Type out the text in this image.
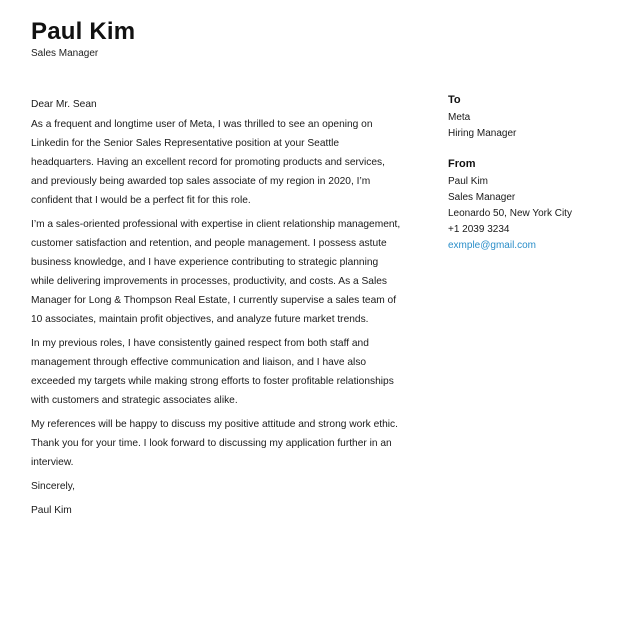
Paul Kim
Sales Manager
Dear Mr. Sean

As a frequent and longtime user of Meta, I was thrilled to see an opening on Linkedin for the Senior Sales Representative position at your Seattle headquarters. Having an excellent record for promoting products and services, and previously being awarded top sales associate of my region in 2020, I’m confident that I would be a perfect fit for this role.

I’m a sales-oriented professional with expertise in client relationship management, customer satisfaction and retention, and people management. I possess astute business knowledge, and I have experience contributing to strategic planning while delivering improvements in processes, productivity, and costs. As a Sales Manager for Long & Thompson Real Estate, I currently supervise a sales team of 10 associates, maintain profit objectives, and analyze future market trends.

In my previous roles, I have consistently gained respect from both staff and management through effective communication and liaison, and I have also exceeded my targets while making strong efforts to foster profitable relationships with customers and strategic associates alike.

My references will be happy to discuss my positive attitude and strong work ethic. Thank you for your time. I look forward to discussing my application further in an interview.

Sincerely,
Paul Kim
To
Meta
Hiring Manager
From
Paul Kim
Sales Manager
Leonardo 50, New York City
+1 2039 3234
exmple@gmail.com
